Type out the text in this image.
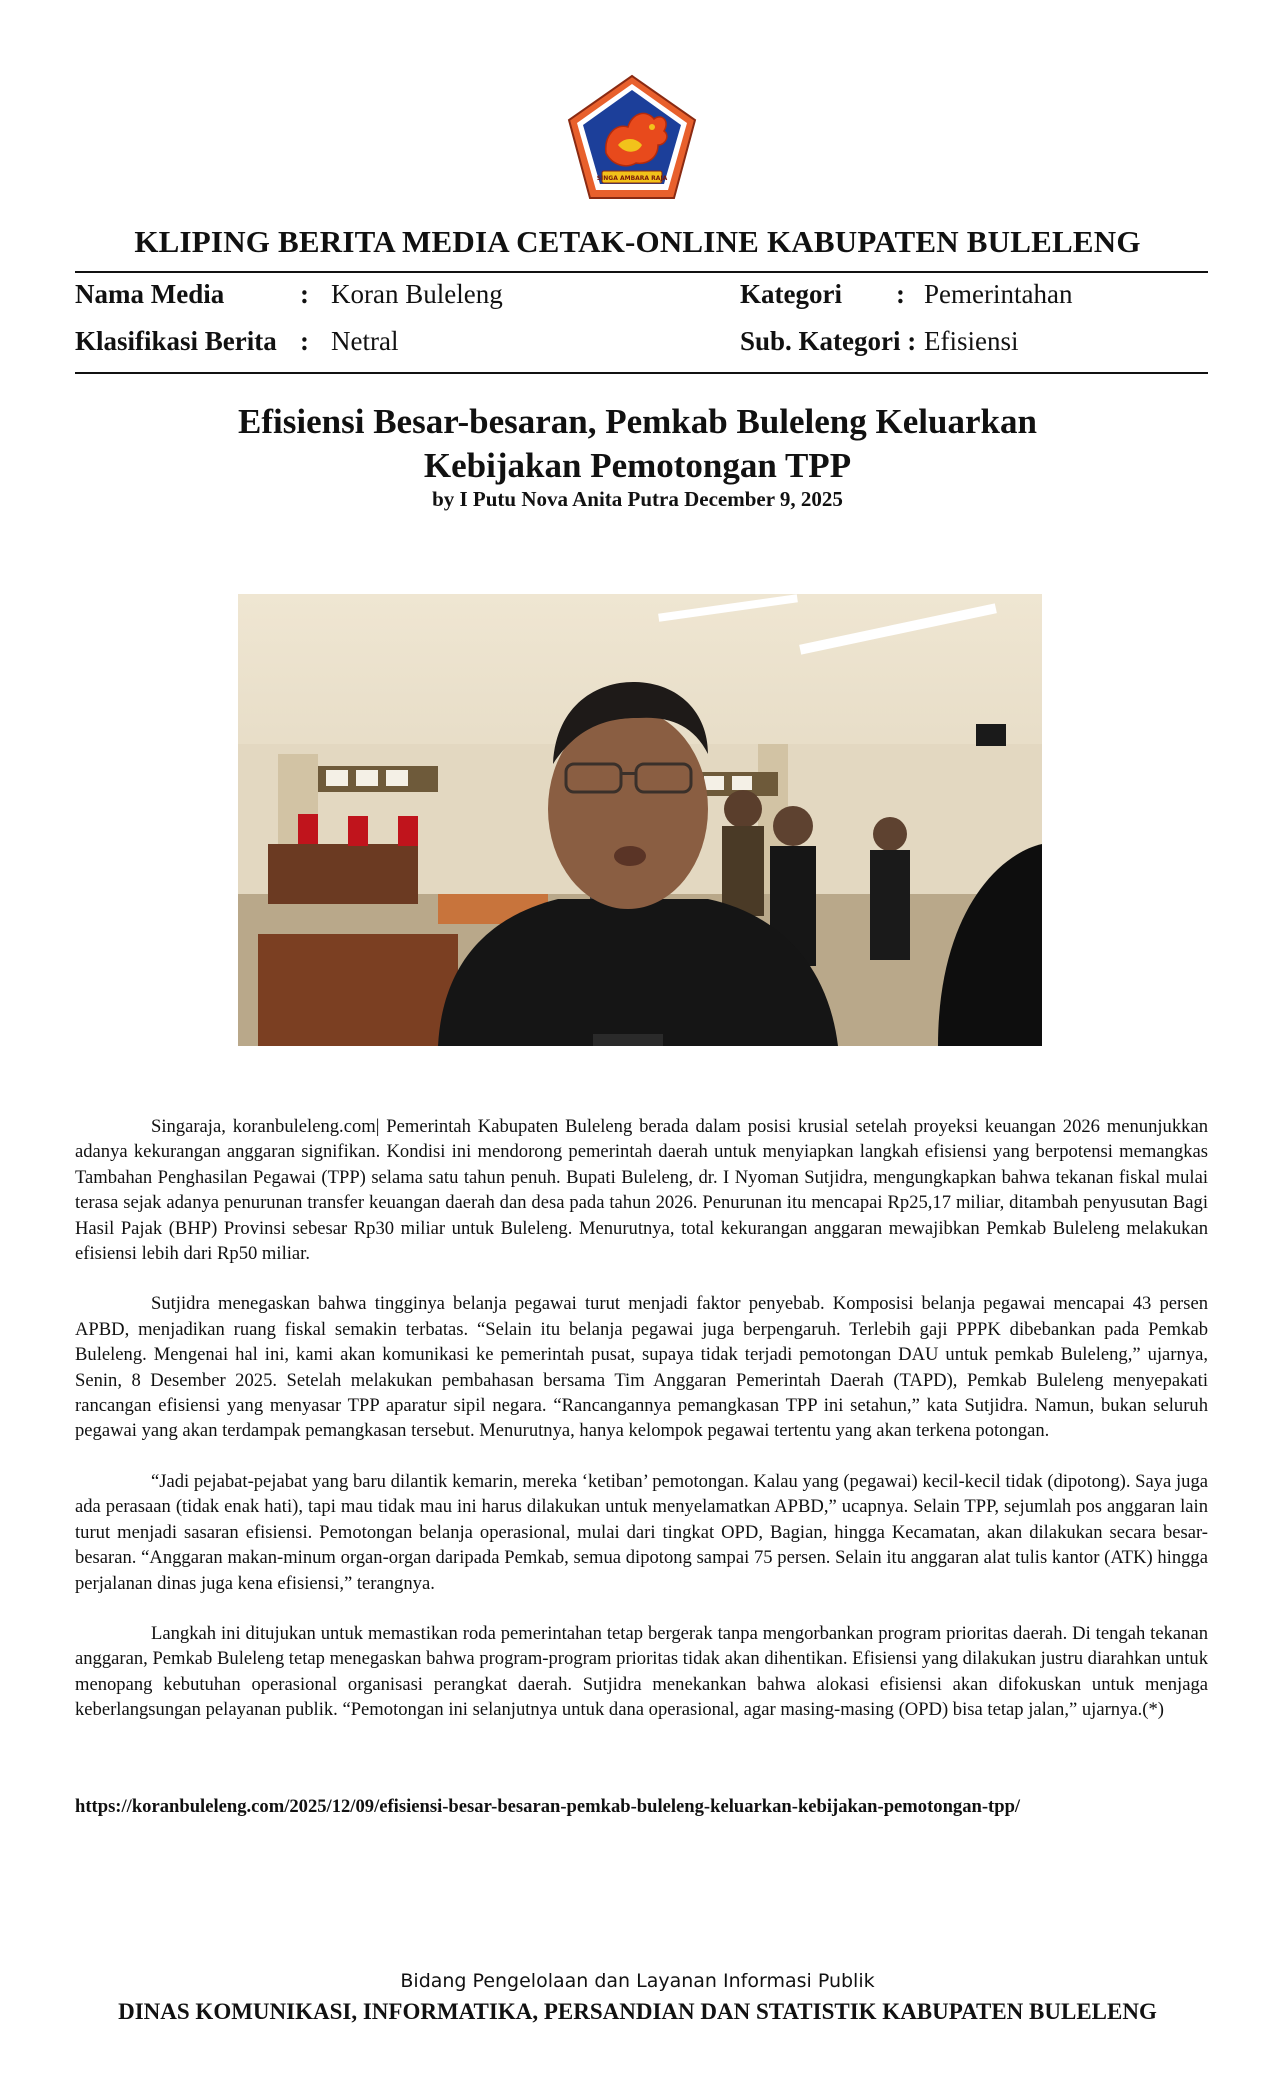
SINGA AMBARA RAJA
KLIPING BERITA MEDIA CETAK-ONLINE KABUPATEN BULELENG
Nama Media	: Koran Buleleng	Kategori : Pemerintahan
Klasifikasi Berita : Netral	Sub. Kategori : Efisiensi
Efisiensi Besar-besaran, Pemkab Buleleng Keluarkan
Kebijakan Pemotongan TPP
by I Putu Nova Anita Putra December 9, 2025

Singaraja, koranbuleleng.com| Pemerintah Kabupaten Buleleng berada dalam posisi krusial setelah proyeksi keuangan 2026 menunjukkan adanya kekurangan anggaran signifikan. Kondisi ini mendorong pemerintah daerah untuk menyiapkan langkah efisiensi yang berpotensi memangkas Tambahan Penghasilan Pegawai (TPP) selama satu tahun penuh. Bupati Buleleng, dr. I Nyoman Sutjidra, mengungkapkan bahwa tekanan fiskal mulai terasa sejak adanya penurunan transfer keuangan daerah dan desa pada tahun 2026. Penurunan itu mencapai Rp25,17 miliar, ditambah penyusutan Bagi Hasil Pajak (BHP) Provinsi sebesar Rp30 miliar untuk Buleleng. Menurutnya, total kekurangan anggaran mewajibkan Pemkab Buleleng melakukan efisiensi lebih dari Rp50 miliar.

Sutjidra menegaskan bahwa tingginya belanja pegawai turut menjadi faktor penyebab. Komposisi belanja pegawai mencapai 43 persen APBD, menjadikan ruang fiskal semakin terbatas. “Selain itu belanja pegawai juga berpengaruh. Terlebih gaji PPPK dibebankan pada Pemkab Buleleng. Mengenai hal ini, kami akan komunikasi ke pemerintah pusat, supaya tidak terjadi pemotongan DAU untuk pemkab Buleleng,” ujarnya, Senin, 8 Desember 2025. Setelah melakukan pembahasan bersama Tim Anggaran Pemerintah Daerah (TAPD), Pemkab Buleleng menyepakati rancangan efisiensi yang menyasar TPP aparatur sipil negara. “Rancangannya pemangkasan TPP ini setahun,” kata Sutjidra. Namun, bukan seluruh pegawai yang akan terdampak pemangkasan tersebut. Menurutnya, hanya kelompok pegawai tertentu yang akan terkena potongan.

“Jadi pejabat-pejabat yang baru dilantik kemarin, mereka ‘ketiban’ pemotongan. Kalau yang (pegawai) kecil-kecil tidak (dipotong). Saya juga ada perasaan (tidak enak hati), tapi mau tidak mau ini harus dilakukan untuk menyelamatkan APBD,” ucapnya. Selain TPP, sejumlah pos anggaran lain turut menjadi sasaran efisiensi. Pemotongan belanja operasional, mulai dari tingkat OPD, Bagian, hingga Kecamatan, akan dilakukan secara besar-besaran. “Anggaran makan-minum organ-organ daripada Pemkab, semua dipotong sampai 75 persen. Selain itu anggaran alat tulis kantor (ATK) hingga perjalanan dinas juga kena efisiensi,” terangnya.

Langkah ini ditujukan untuk memastikan roda pemerintahan tetap bergerak tanpa mengorbankan program prioritas daerah. Di tengah tekanan anggaran, Pemkab Buleleng tetap menegaskan bahwa program-program prioritas tidak akan dihentikan. Efisiensi yang dilakukan justru diarahkan untuk menopang kebutuhan operasional organisasi perangkat daerah. Sutjidra menekankan bahwa alokasi efisiensi akan difokuskan untuk menjaga keberlangsungan pelayanan publik. “Pemotongan ini selanjutnya untuk dana operasional, agar masing-masing (OPD) bisa tetap jalan,” ujarnya.(*)

https://koranbuleleng.com/2025/12/09/efisiensi-besar-besaran-pemkab-buleleng-keluarkan-kebijakan-pemotongan-tpp/
Bidang Pengelolaan dan Layanan Informasi Publik
DINAS KOMUNIKASI, INFORMATIKA, PERSANDIAN DAN STATISTIK KABUPATEN BULELENG
